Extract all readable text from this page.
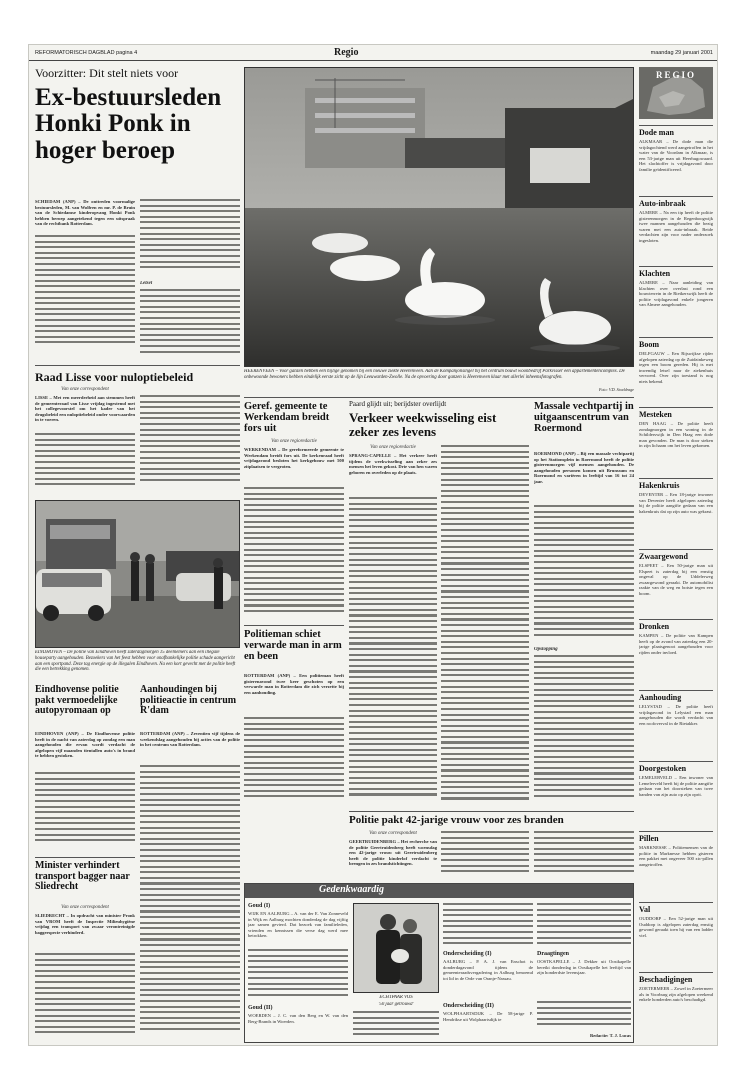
REFORMATORISCH DAGBLAD pagina 4	Regio	maandag 29 januari 2001
Voorzitter: Dit stelt niets voor
Ex-bestuursleden Honki Ponk in hoger beroep
SCHIEDAM (ANP) – De onttreden voormalige bestuursleden, M. van Wolfren en mr. P. de Bruin van de Schiedamse kinderopvang Honki Ponk hebben beroep aangetekend tegen een uitspraak van de rechtbank Rotterdam.
Letsel
HEERENVEEN – Voor ganzen hebben een hijlige genomen bij een nieuwe ziekte Heerenveen. Aan de Kompanjonsingel bij het centrum bouwt woonbedrijf Parkvisser een appartementencomplex. De onbewoonde bewoners hebben eindelijk eerste zicht op de lijn Leeuwarden-Zwolle. Na de opvoering door ganzen is Heerenveen klaar met allerlei inheemsfotografen.
Foto: V.D. Stoeldrage
Raad Lisse voor nuloptiebeleid
Van onze correspondent
LISSE – Met een meerderheid aan stemmen heeft de gemeenteraad van Lisse vrijdag ingestemd met het collegevoorstel om het kader van het drugsbeleid een nuloptiebeleid onder voorwaarden in te voeren.
EINDHOVEN – De politie van Eindhoven heeft zaterdagmorgen 15 deelnemers aan een illegale houseparty aangehouden. Bezoekers van het feest hebben voor onafhankelijke politie schade aangericht aan een sportpand. Deze tag energie op de illegalen Eindhoven. Na een kort gevecht met de politie heeft die een betrekking genomen.
Eindhovense politie pakt vermoedelijke autopyromaan op
EINDHOVEN (ANP) – De Eindhovense politie heeft in de nacht van zaterdag op zondag een man aangehouden die ervan wordt verdacht de afgelopen vijf maanden tientallen auto's in brand te hebben gestoken.
Aanhoudingen bij politieactie in centrum R'dam
ROTTERDAM (ANP) – Zeventien vijf tijdens de weekendslag aangehouden bij acties van de politie in het centrum van Rotterdam.
Minister verhindert transport bagger naar Sliedrecht
Van onze correspondent
SLIEDRECHT – In opdracht van minister Pronk van VROM heeft de Inspectie Milieuhygiëne vrijdag een transport van zwaar verontreinigde baggerspecie verhinderd.
Geref. gemeente te Werkendam breidt fors uit
Van onze regioredactie
WERKENDAM – De gereformeerde gemeente te Werkendam breidt fors uit. De kerkenraad heeft vrijdagavond besloten het kerkgebouw met 500 zitplaatsen te vergroten.
Politieman schiet verwarde man in arm en been
ROTTERDAM (ANP) – Een politieman heeft gisterenavond twee keer geschoten op een verwarde man in Rotterdam die zich verzette bij een aanhouding.
Paard glijdt uit; berijdster overlijdt
Verkeer weekwisseling eist zeker zes levens
Van onze regioredactie
SPRANG-CAPELLE – Het verkeer heeft tijdens de weekwisseling aan zeker zes mensen het leven gekost. Drie van hen waren geboren en overleden op de plaats.
Massale vechtpartij in uitgaanscentrum van Roermond
ROERMOND (ANP) – Bij een massale vechtpartij op het Stationsplein in Roermond heeft de politie gisterenmorgen vijf mensen aangehouden. De aangehouden personen komen uit Brunssum en Roermond en variëren in leeftijd van 16 tot 24 jaar.
Opstopping
Politie pakt 42-jarige vrouw voor zes branden
Van onze correspondent
GEERTRUIDENBERG – Het recherche van de politie Geertruidenberg heeft woensdag een 42-jarige vrouw uit Geertruidenberg heeft de politie kinderlof verdacht te brengen in zes brandstichtingen.
Gedenkwaardig
Goud (I)
WIJK EN AALBURG – A. van der E. Van Zonneveld in Wijk en Aalburg mochten donderdag de dag vijftig jaar samen gevierd. Dat bezoek van familieleden, vrienden en kennissen die verse dag werd mee betrokken.
Goud (II)
WOERDEN – J. C. van den Berg en W. van den Berg-Brands in Woerden.
ECHTPAAR VOS
'50 jaar getrouwd'
Onderscheiding (I)
AALBURG – P. A. J. van Enschot is donderdagavond tijdens de gemeenteraadsvergadering in Aalburg benoemd tot lid in de Orde van Oranje-Nassau.
Onderscheiding (II)
WOLPHAARTSDIJK – De 58-jarige P. Hendrikse uit Wolphaartsdijk te
Draagtingen
OOSTKAPELLE – J. Dekker uit Oostkapelle bereikt donderdag in Oostkapelle het leeftijd van zijn honderdste levensjaar.
Redactie: T. J. Lucas
REGIO
Dode man
ALKMAAR – De dode man die vrijdagochtend werd aangetroffen in het water van de Voordam in Alkmaar, is een 53-jarige man uit Heerhugowaard. Het slachtoffer is vrijdagavond door familie geïdentificeerd.
Auto-inbraak
ALMERE – Na een tip heeft de politie gisterenmorgen in de Regenboogwijk twee mannen aangehouden die bezig waren met een auto-inbraak. Beide verdachten zijn voor nader onderzoek ingesloten.
Klachten
ALMERE – Naar aanleiding van klachten over overlast rond een bouwterrein in de Rietkerswijk heeft de politie vrijdagavond enkele jongeren van Almere aangehouden.
Boom
DELFGAUW – Een Rijswijkse rijder afgelopen zaterdag op de Zuidzinkeweg tegen een boom gereden. Hij is met inwendig letsel naar de ziekenhuis vervoerd. Over zijn toestand is nog niets bekend.
Mesteken
DEN HAAG – De politie heeft zondagmorgen in een woning in de Schilderswijk in Den Haag een dode man gevonden. De man is door steken in zijn lichaam om het leven gekomen.
Hakenkruis
DEVENTER – Een 18-jarige inwoner van Deventer heeft afgelopen zaterdag bij de politie aangifte gedaan van een hakenkruis dat op zijn auto was gekrast.
Zwaargewond
ELSPEET – Een 50-jarige man uit Elspeet is zaterdag bij een ernstig ongeval op de Uddelerweg zwaargewond geraakt. De automobilist raakte van de weg en botste tegen een boom.
Dronken
KAMPEN – De politie van Kampen heeft op de avond van zaterdag een 20-jarige plaatsgenoot aangehouden voor rijden onder invloed.
Aanhouding
LELYSTAD – De politie heeft vrijdagavond in Lelystad een man aangehouden die wordt verdacht van een roofoverval in de Rietakker.
Doorgestoken
LEMELERVELD – Een inwoner van Lemelerveld heeft bij de politie aangifte gedaan van het doorsteken van twee banden van zijn auto op zijn oprit.
Pillen
MARKNESSE – Politiemensen van de politie in Marknesse hebben gisteren een pakket met ongeveer 500 xtc-pillen aangetroffen.
Val
OUDDORP – Een 52-jarige man uit Ouddorp is afgelopen zaterdag ernstig gewond geraakt toen hij van een ladder viel.
Beschadigingen
ZOETERMEER – Zowel in Zoetermeer als in Voorburg zijn afgelopen weekend enkele honderden auto's beschadigd.
